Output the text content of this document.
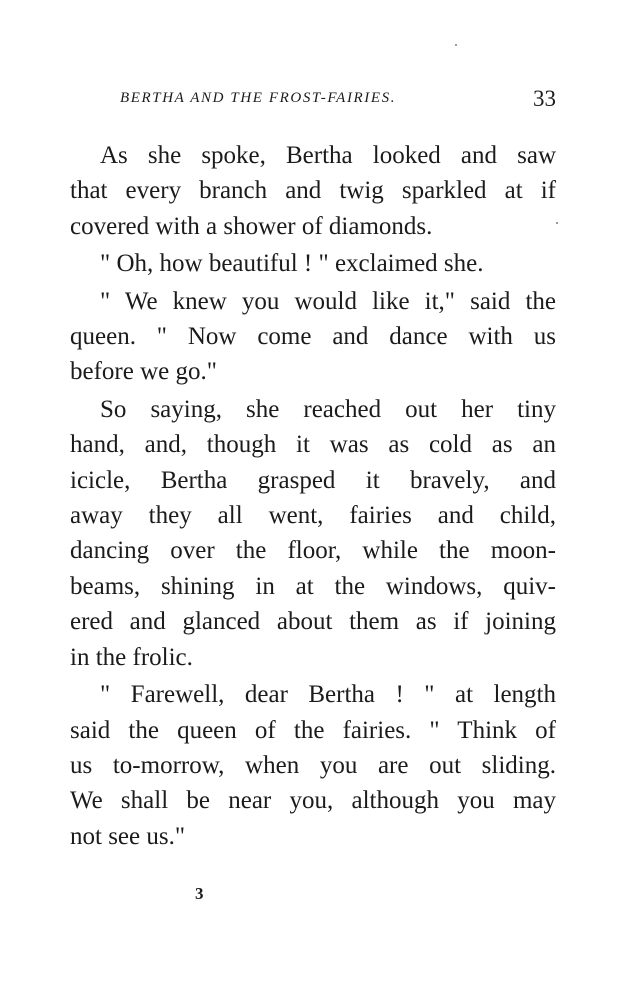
BERTHA AND THE FROST-FAIRIES.	33

As she spoke, Bertha looked and saw
that every branch and twig sparkled at if
covered with a shower of diamonds.

" Oh, how beautiful ! " exclaimed she.

" We knew you would like it," said the
queen. " Now come and dance with us
before we go."

So saying, she reached out her tiny
hand, and, though it was as cold as an
icicle, Bertha grasped it bravely, and
away they all went, fairies and child,
dancing over the floor, while the moon-
beams, shining in at the windows, quiv-
ered and glanced about them as if joining
in the frolic.

" Farewell, dear Bertha ! " at length
said the queen of the fairies. " Think of
us to-morrow, when you are out sliding.
We shall be near you, although you may
not see us."

3
